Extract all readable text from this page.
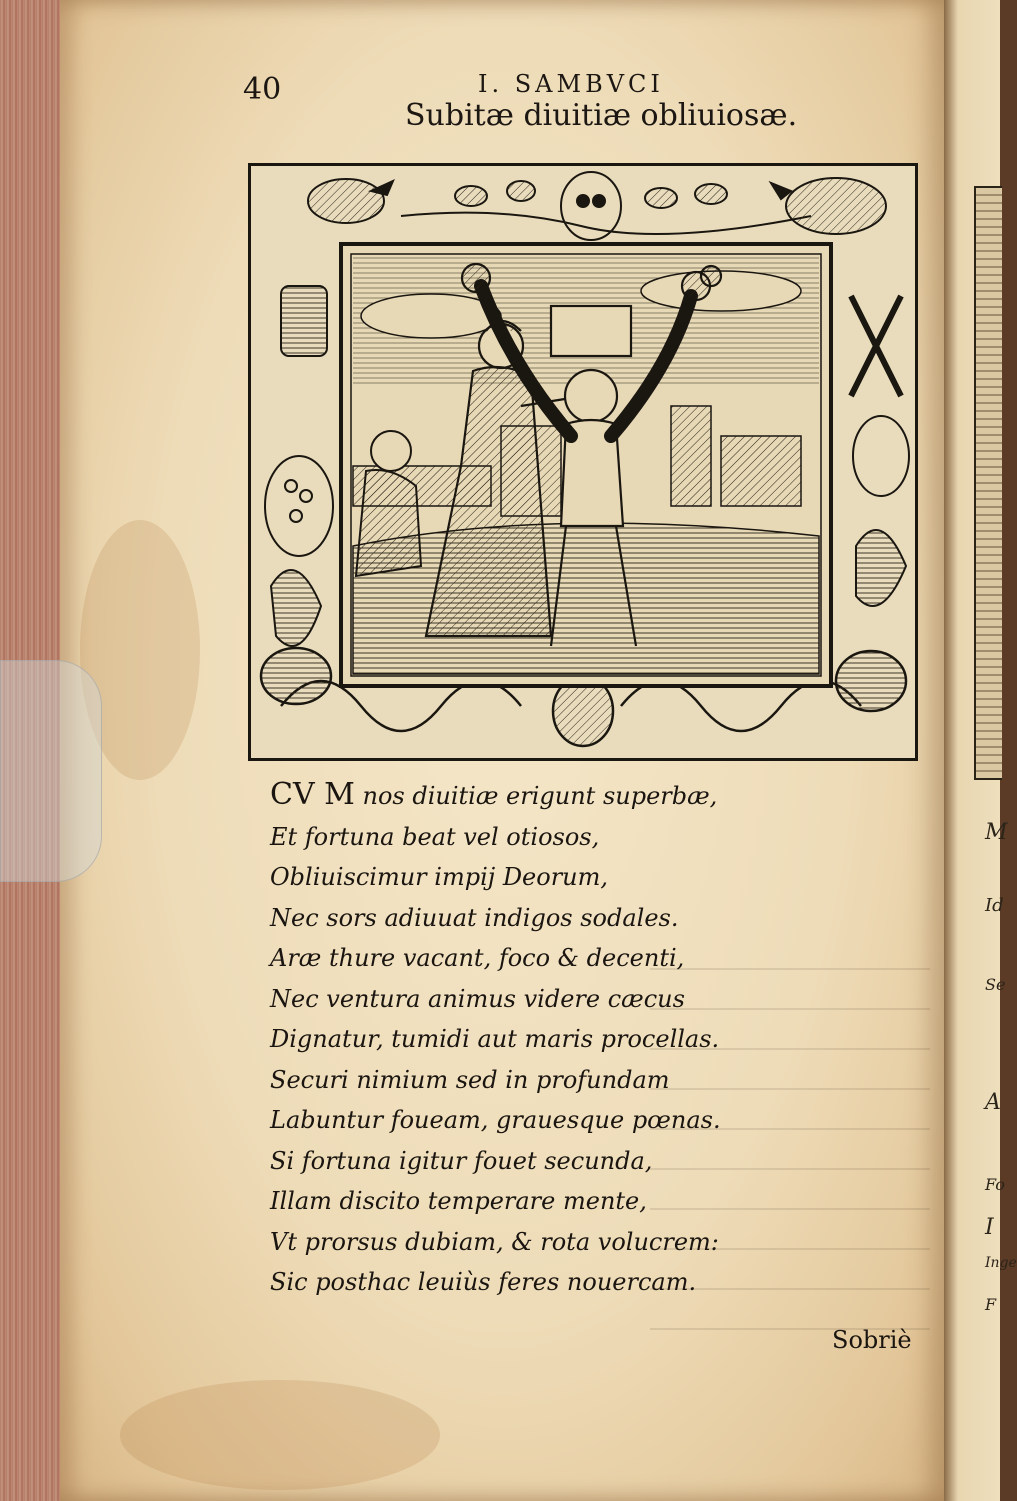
M
Id
Se
A
Fo
I
Inge
F
40	I. SAMBVCI
Subitæ diuitiæ obliuiosæ.
CV M nos diuitiæ erigunt superbæ,
Et fortuna beat vel otiosos,
Obliuiscimur impij Deorum,
Nec sors adiuuat indigos sodales.
Aræ thure vacant, foco & decenti,
Nec ventura animus videre cæcus
Dignatur, tumidi aut maris procellas.
Securi nimium sed in profundam
Labuntur foueam, grauesque pœnas.
Si fortuna igitur fouet secunda,
Illam discito temperare mente,
Vt prorsus dubiam, & rota volucrem:
Sic posthac leuiùs feres nouercam.
Sobriè
